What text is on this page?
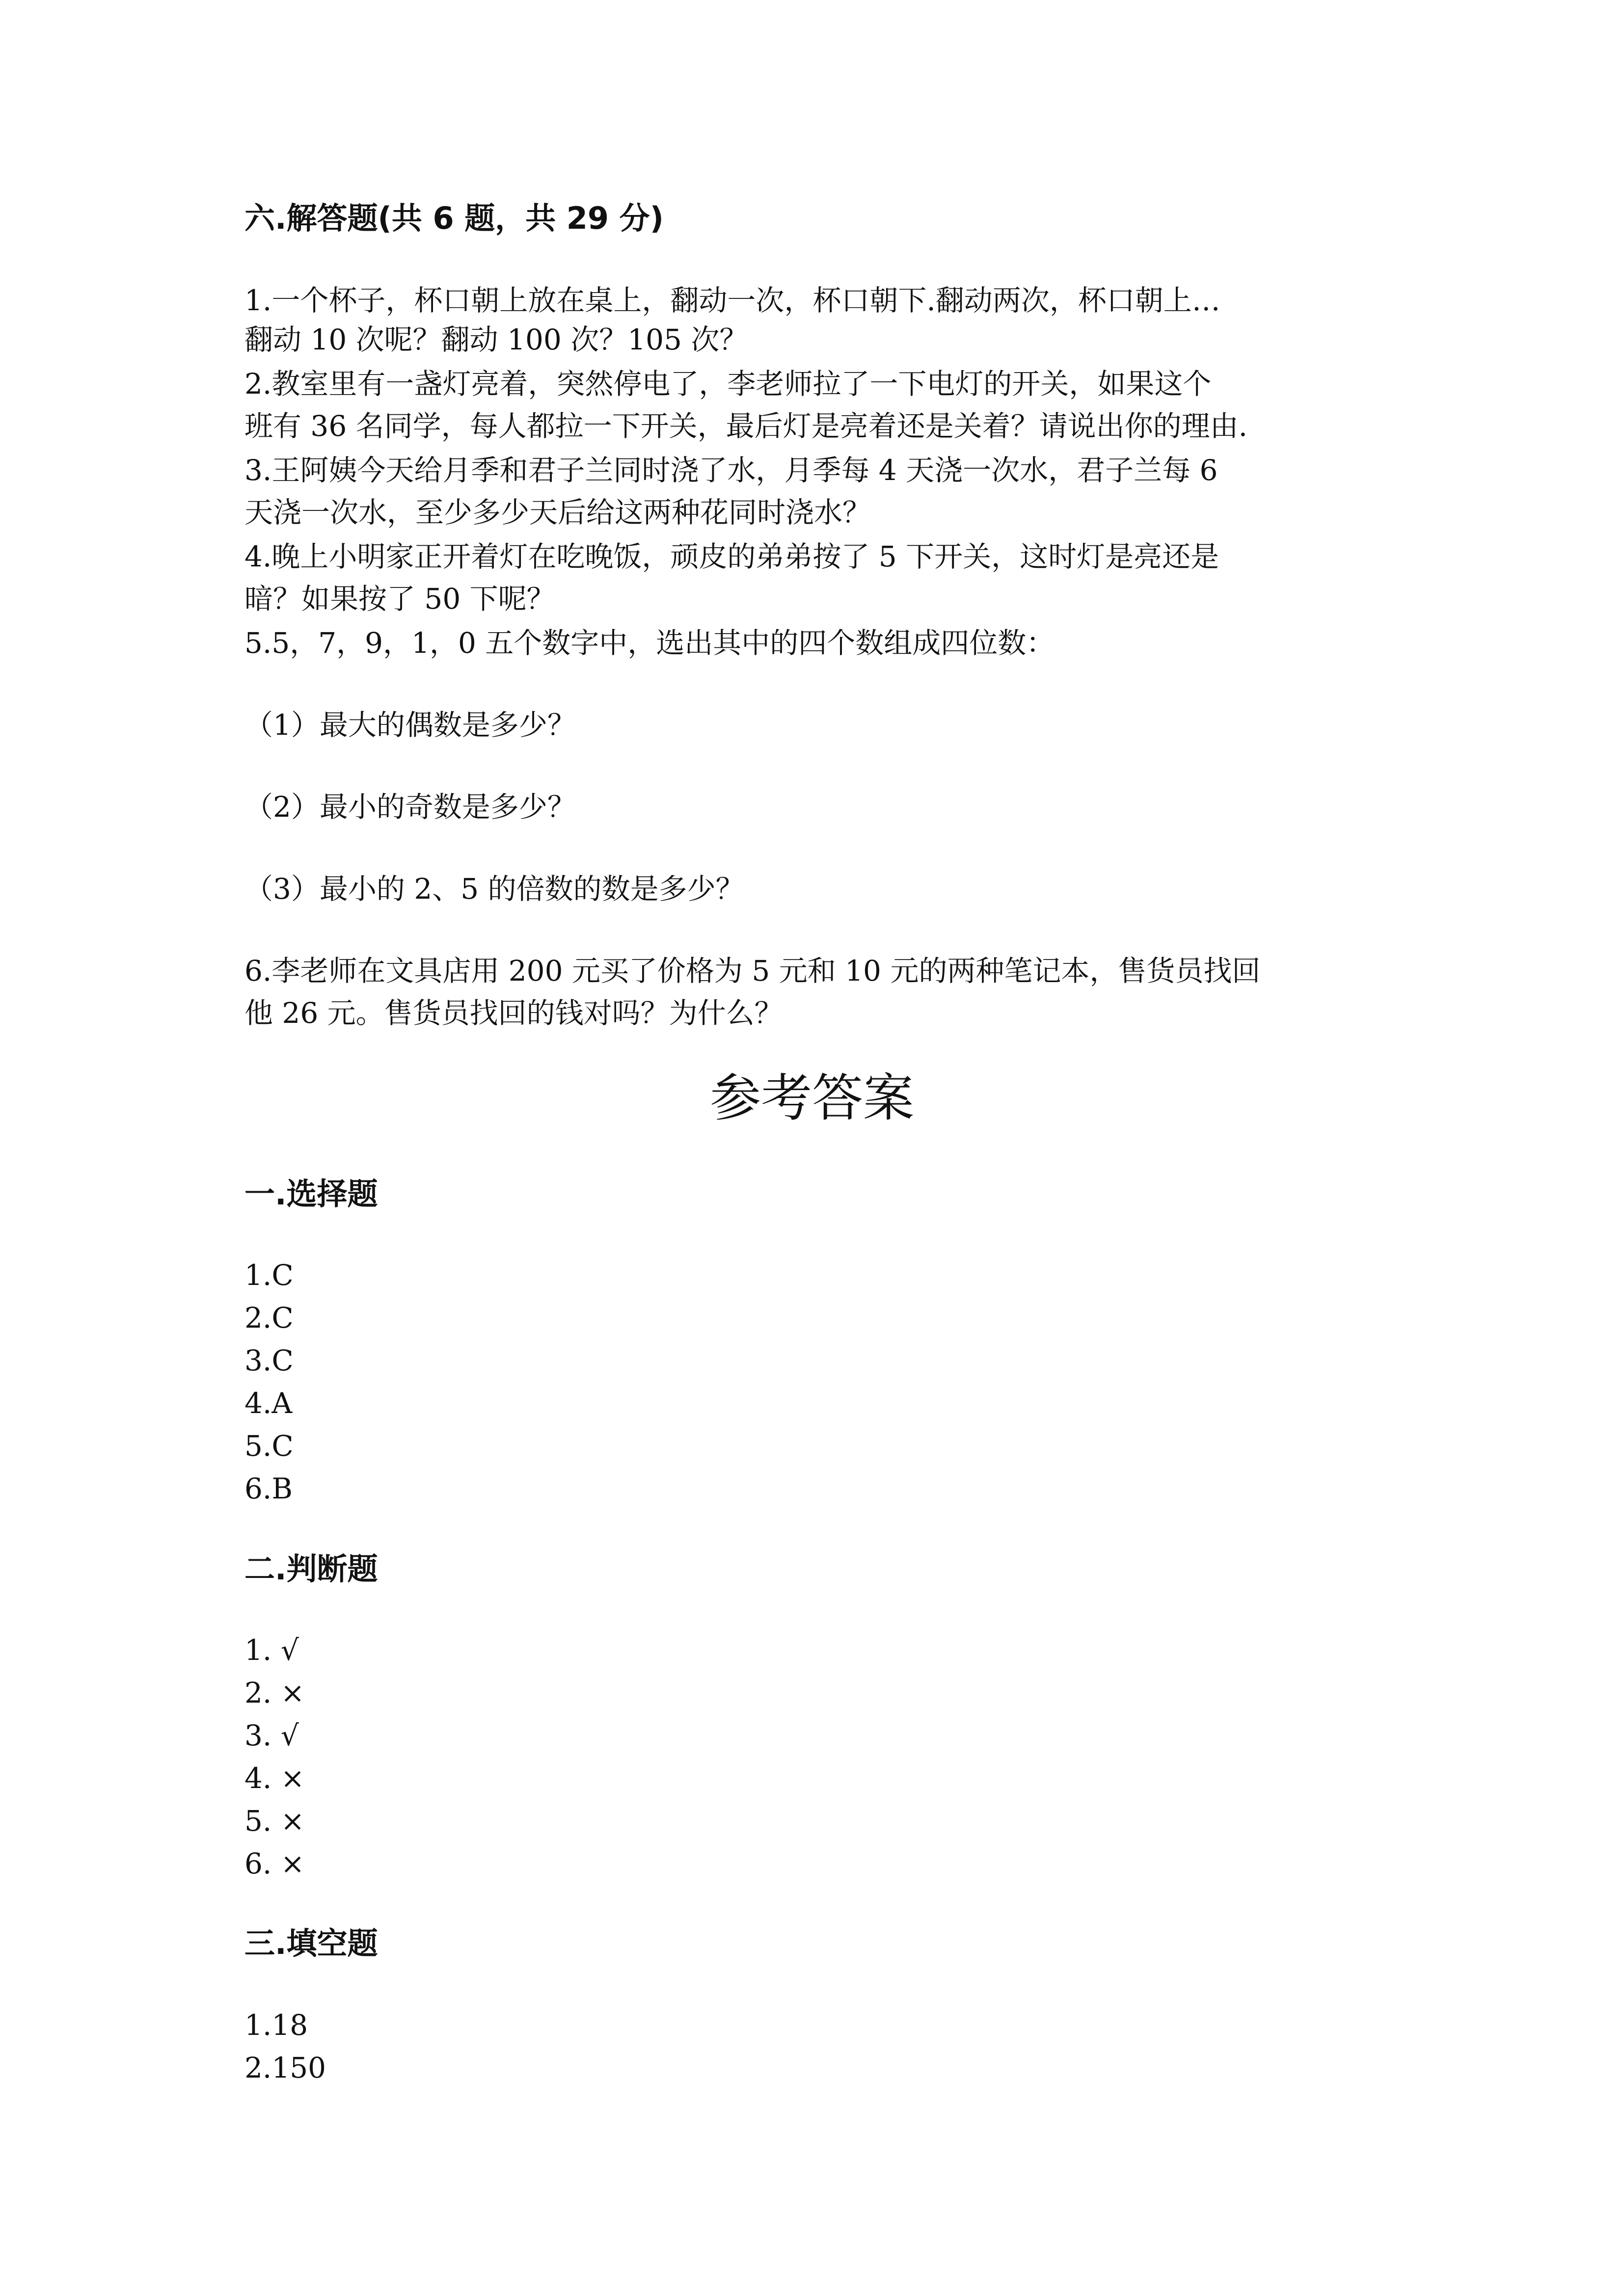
六.解答题(共 6 题，共 29 分)
1.一个杯子，杯口朝上放在桌上，翻动一次，杯口朝下.翻动两次，杯口朝上…
翻动 10 次呢？翻动 100 次？105 次？
2.教室里有一盏灯亮着，突然停电了，李老师拉了一下电灯的开关，如果这个
班有 36 名同学，每人都拉一下开关，最后灯是亮着还是关着？请说出你的理由.
3.王阿姨今天给月季和君子兰同时浇了水，月季每 4 天浇一次水，君子兰每 6
天浇一次水，至少多少天后给这两种花同时浇水？
4.晚上小明家正开着灯在吃晚饭，顽皮的弟弟按了 5 下开关，这时灯是亮还是
暗？如果按了 50 下呢？
5.5，7，9，1，0 五个数字中，选出其中的四个数组成四位数：
（1）最大的偶数是多少？
（2）最小的奇数是多少？
（3）最小的 2、5 的倍数的数是多少？
6.李老师在文具店用 200 元买了价格为 5 元和 10 元的两种笔记本，售货员找回
他 26 元。售货员找回的钱对吗？为什么？
参考答案
一.选择题
1.C
2.C
3.C
4.A
5.C
6.B
二.判断题
1. √
2. ×
3. √
4. ×
5. ×
6. ×
三.填空题
1.18
2.150
